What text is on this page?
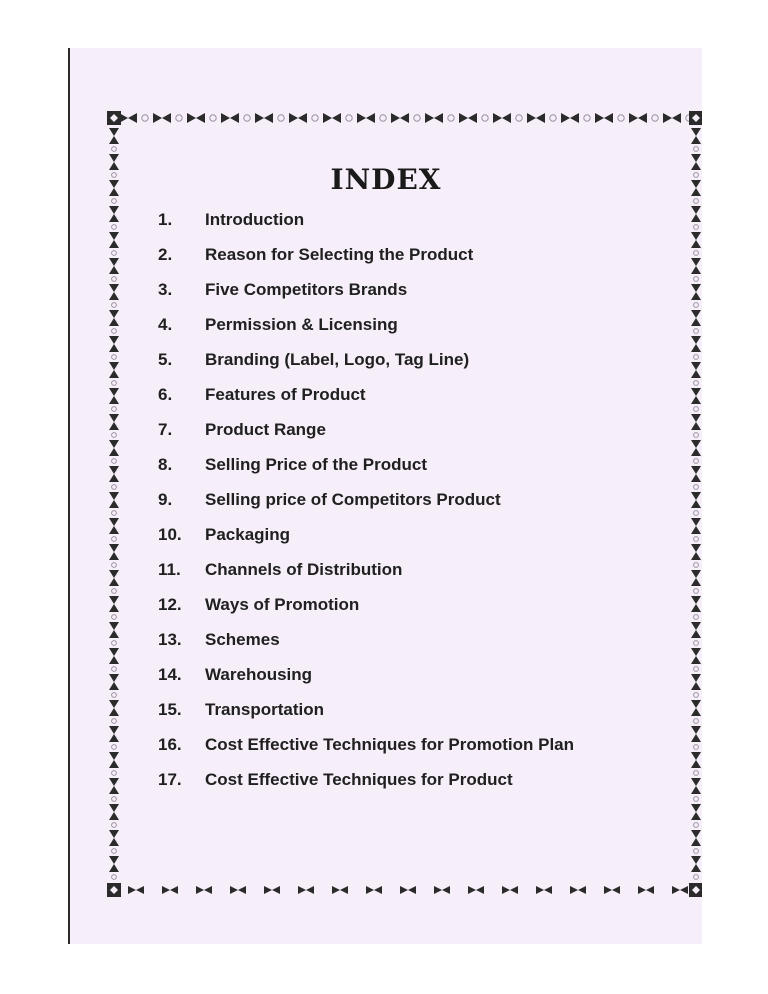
INDEX
1.	Introduction
2.	Reason for Selecting the Product
3.	Five Competitors Brands
4.	Permission & Licensing
5.	Branding (Label, Logo, Tag Line)
6.	Features of Product
7.	Product Range
8.	Selling Price of the Product
9.	Selling price of Competitors Product
10.	Packaging
11.	Channels of Distribution
12.	Ways of Promotion
13.	Schemes
14.	Warehousing
15.	Transportation
16.	Cost Effective Techniques for Promotion Plan
17.	Cost Effective Techniques for Product
